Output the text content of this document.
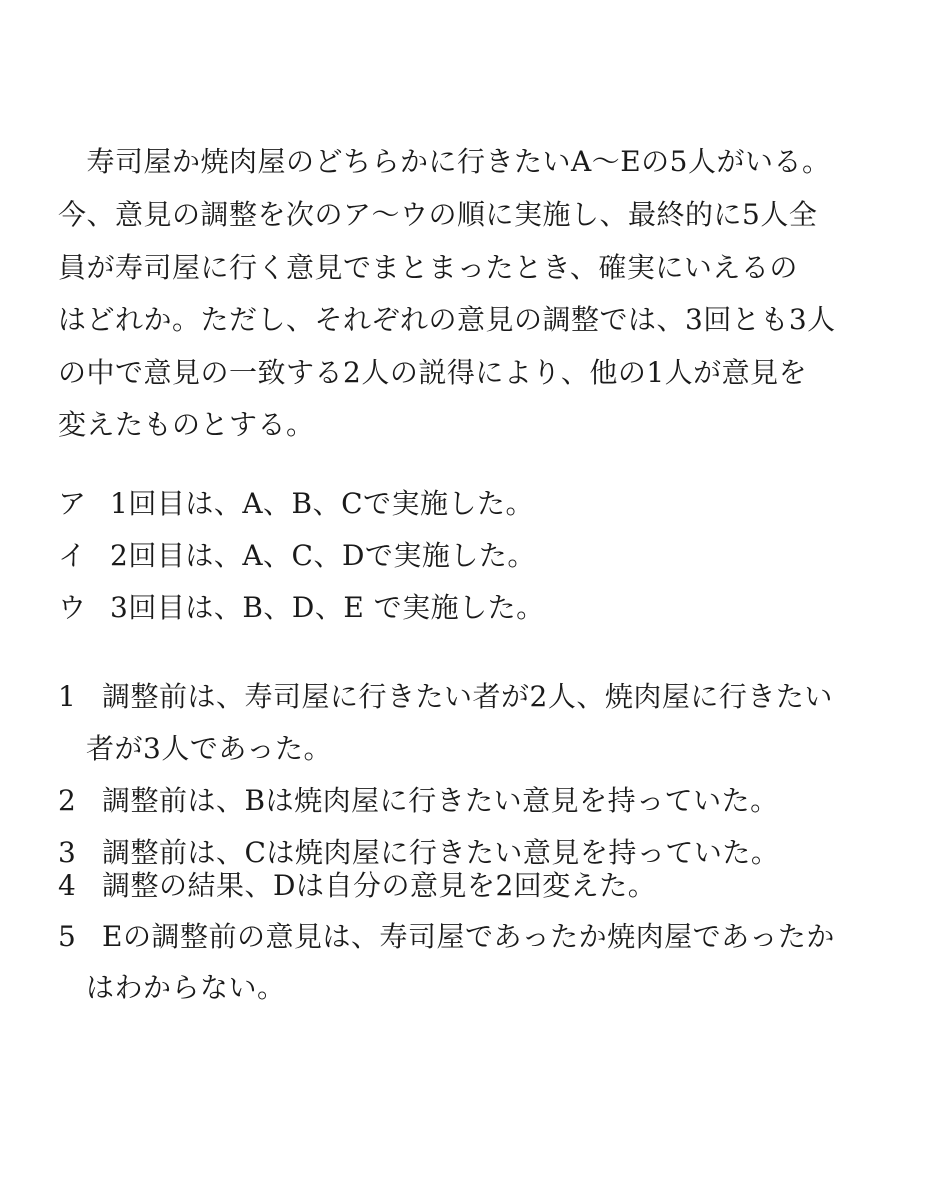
　寿司屋か焼肉屋のどちらかに行きたいA〜Eの5人がいる。
今、意見の調整を次のア〜ウの順に実施し、最終的に5人全
員が寿司屋に行く意見でまとまったとき、確実にいえるの
はどれか。ただし、それぞれの意見の調整では、3回とも3人
の中で意見の一致する2人の説得により、他の1人が意見を
変えたものとする。
ア 1回目は、A、B、Cで実施した。
イ 2回目は、A、C、Dで実施した。
ウ 3回目は、B、D、E で実施した。
1 調整前は、寿司屋に行きたい者が2人、焼肉屋に行きたい
者が3人であった。
2 調整前は、Bは焼肉屋に行きたい意見を持っていた。
3 調整前は、Cは焼肉屋に行きたい意見を持っていた。
4 調整の結果、Dは自分の意見を2回変えた。
5 Eの調整前の意見は、寿司屋であったか焼肉屋であったか
はわからない。
